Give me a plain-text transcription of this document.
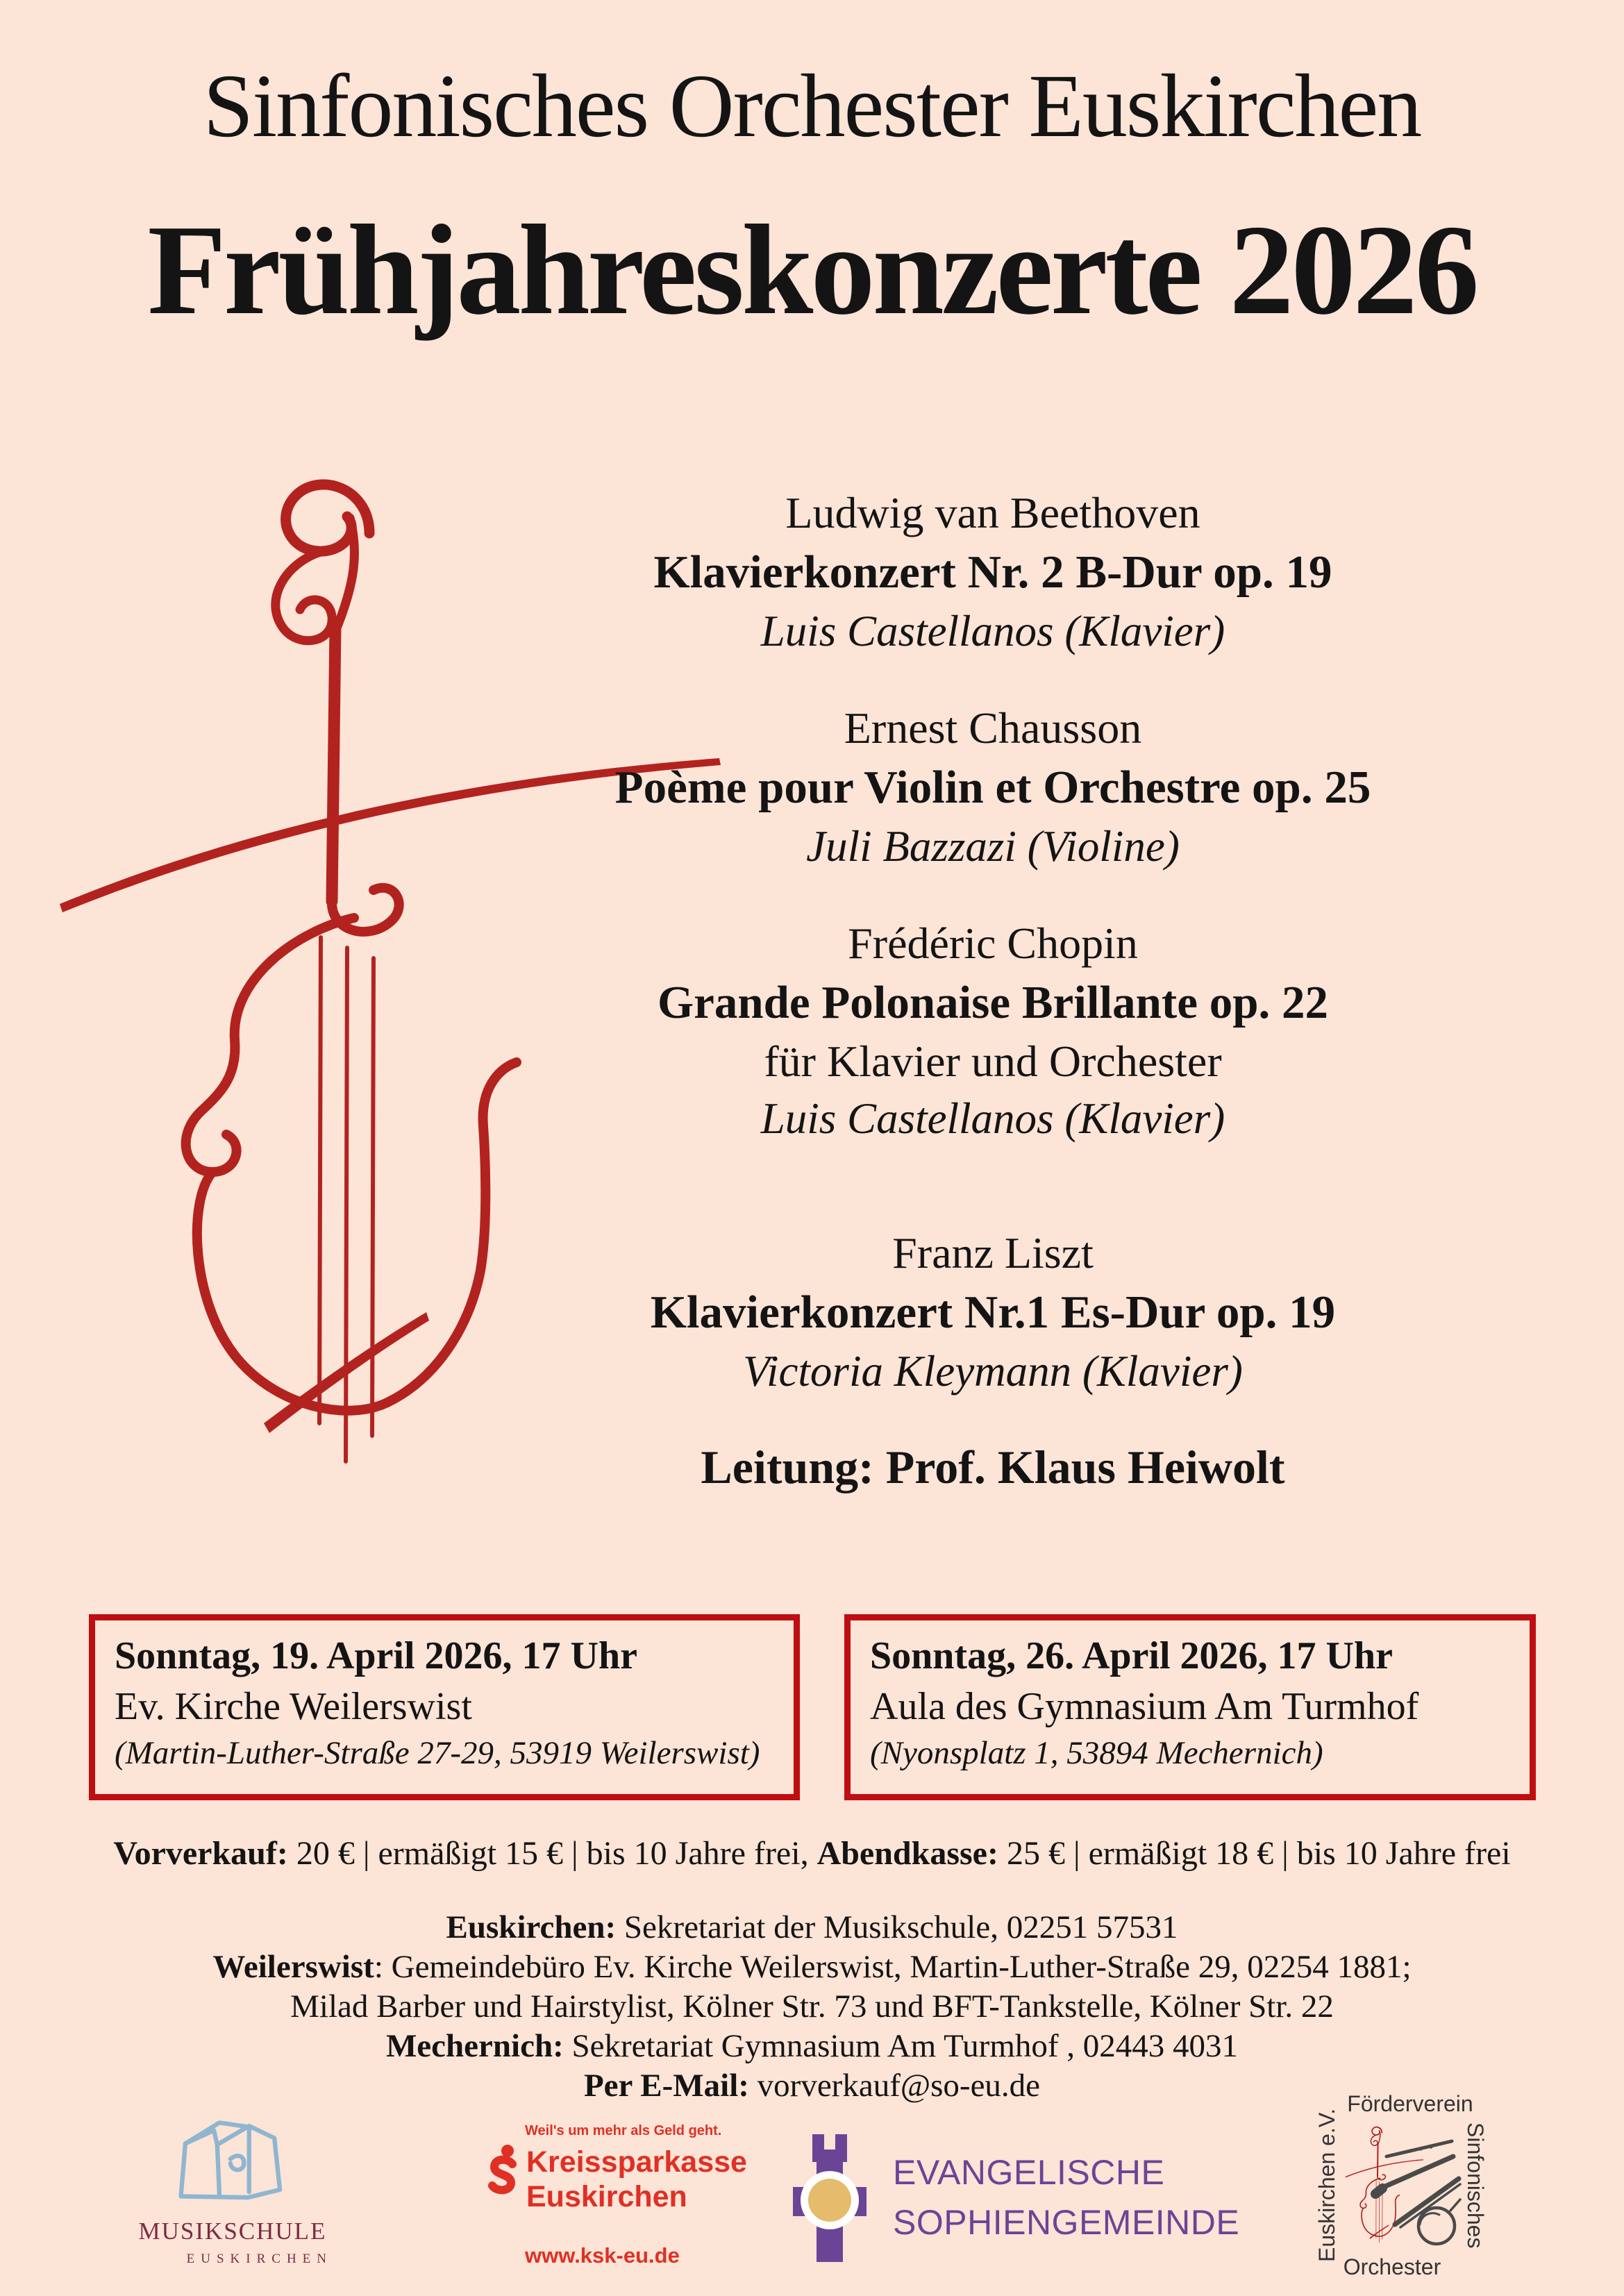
Sinfonisches Orchester Euskirchen
Frühjahreskonzerte 2026
Ludwig van Beethoven
Klavierkonzert Nr. 2 B-Dur op. 19
Luis Castellanos (Klavier)
Ernest Chausson
Poème pour Violin et Orchestre op. 25
Juli Bazzazi (Violine)
Frédéric Chopin
Grande Polonaise Brillante op. 22
für Klavier und Orchester
Luis Castellanos (Klavier)
Franz Liszt
Klavierkonzert Nr.1 Es-Dur op. 19
Victoria Kleymann (Klavier)
Leitung: Prof. Klaus Heiwolt
Sonntag, 19. April 2026, 17 Uhr
Ev. Kirche Weilerswist
(Martin-Luther-Straße 27-29, 53919 Weilerswist)
Sonntag, 26. April 2026, 17 Uhr
Aula des Gymnasium Am Turmhof
(Nyonsplatz 1, 53894 Mechernich)
Vorverkauf: 20 € | ermäßigt 15 € | bis 10 Jahre frei, Abendkasse: 25 € | ermäßigt 18 € | bis 10 Jahre frei
Euskirchen: Sekretariat der Musikschule, 02251 57531
Weilerswist: Gemeindebüro Ev. Kirche Weilerswist, Martin-Luther-Straße 29, 02254 1881;
Milad Barber und Hairstylist, Kölner Str. 73 und BFT-Tankstelle, Kölner Str. 22
Mechernich: Sekretariat Gymnasium Am Turmhof , 02443 4031
Per E-Mail: vorverkauf@so-eu.de
musikschule
euskirchen
Weil's um mehr als Geld geht.
Kreissparkasse
Euskirchen
www.ksk-eu.de
EVANGELISCHE
SOPHIENGEMEINDE
Förderverein
Sinfonisches
Orchester
Euskirchen e.V.
